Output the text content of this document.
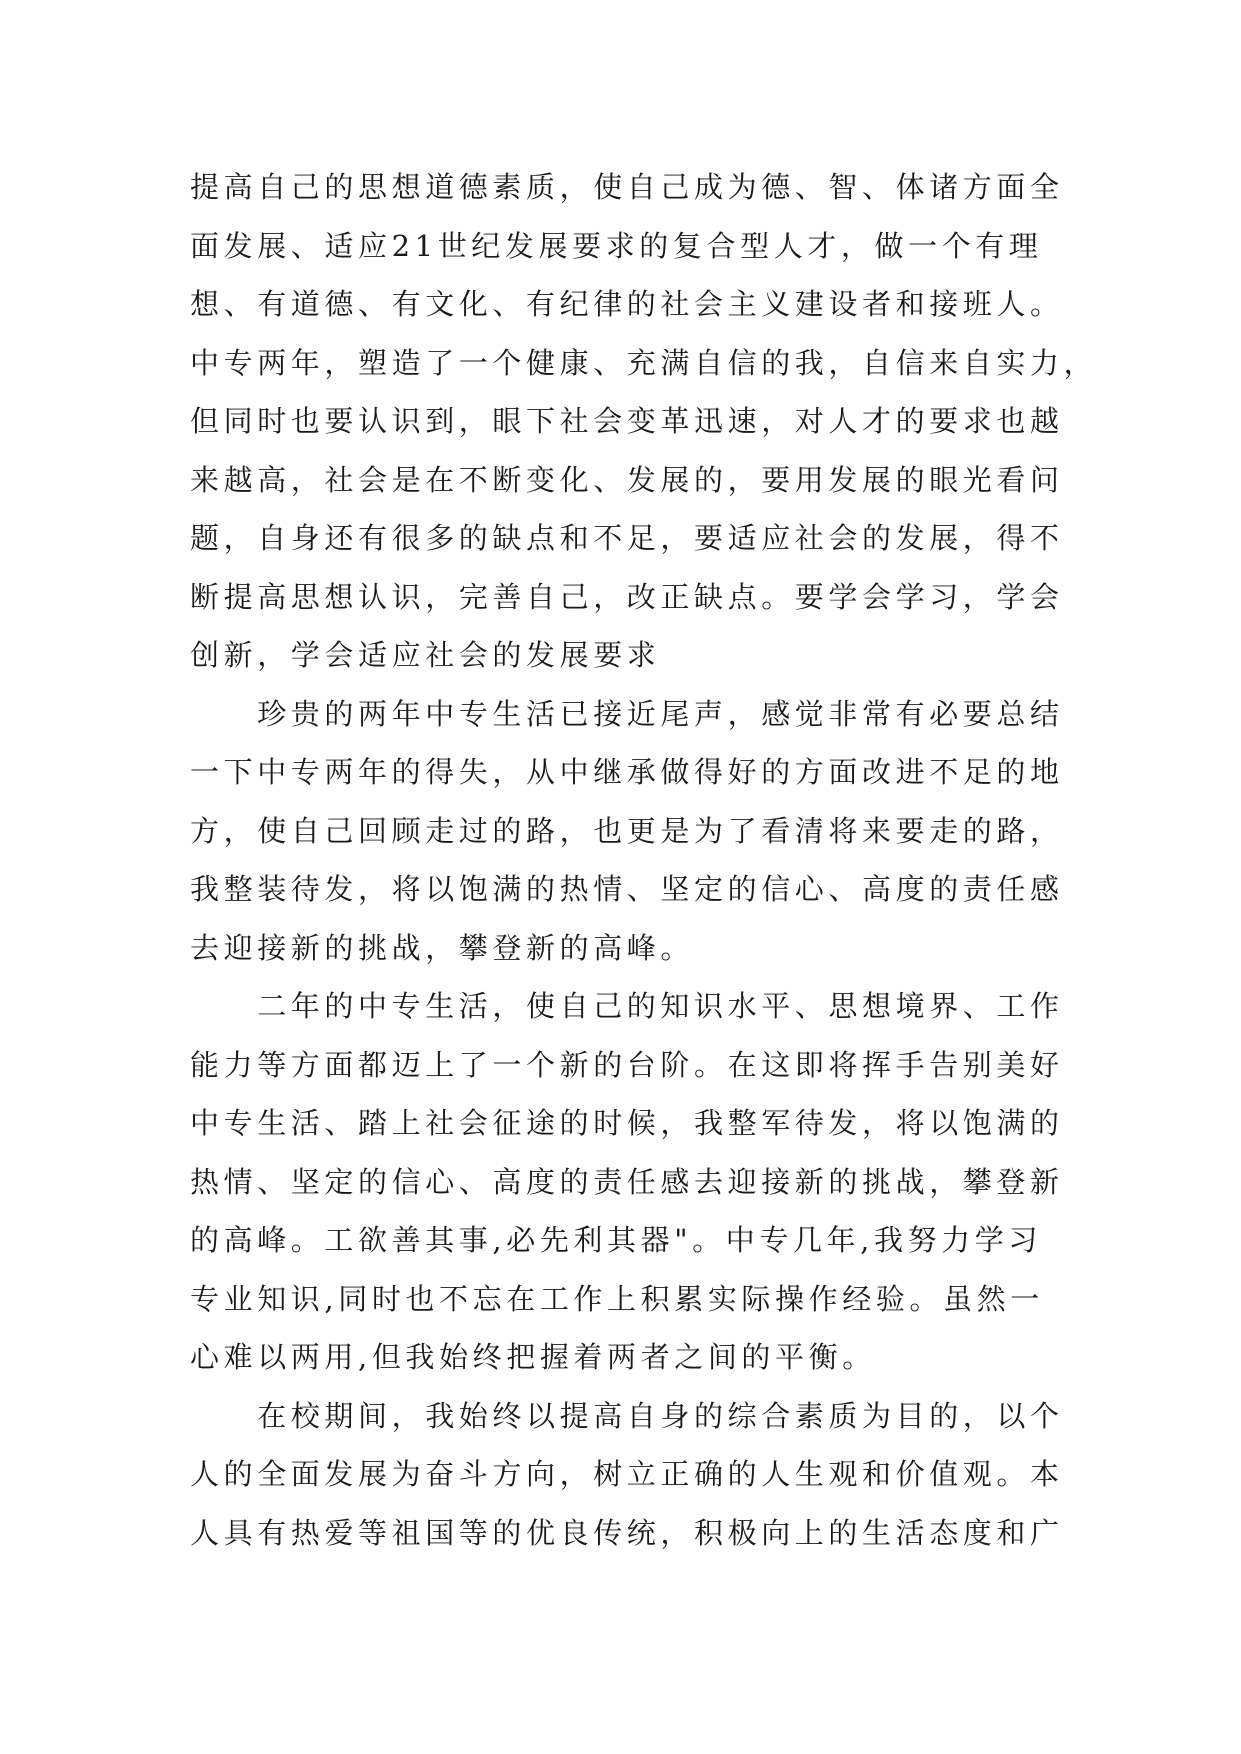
提高自己的思想道德素质，使自己成为德、智、体诸方面全
面发展、适应21世纪发展要求的复合型人才，做一个有理
想、有道德、有文化、有纪律的社会主义建设者和接班人。
中专两年，塑造了一个健康、充满自信的我，自信来自实力，
但同时也要认识到，眼下社会变革迅速，对人才的要求也越
来越高，社会是在不断变化、发展的，要用发展的眼光看问
题，自身还有很多的缺点和不足，要适应社会的发展，得不
断提高思想认识，完善自己，改正缺点。要学会学习，学会
创新，学会适应社会的发展要求
　　珍贵的两年中专生活已接近尾声，感觉非常有必要总结
一下中专两年的得失，从中继承做得好的方面改进不足的地
方，使自己回顾走过的路，也更是为了看清将来要走的路，
我整装待发，将以饱满的热情、坚定的信心、高度的责任感
去迎接新的挑战，攀登新的高峰。
　　二年的中专生活，使自己的知识水平、思想境界、工作
能力等方面都迈上了一个新的台阶。在这即将挥手告别美好
中专生活、踏上社会征途的时候，我整军待发，将以饱满的
热情、坚定的信心、高度的责任感去迎接新的挑战，攀登新
的高峰。工欲善其事,必先利其器"。中专几年,我努力学习
专业知识,同时也不忘在工作上积累实际操作经验。虽然一
心难以两用,但我始终把握着两者之间的平衡。
　　在校期间，我始终以提高自身的综合素质为目的，以个
人的全面发展为奋斗方向，树立正确的人生观和价值观。本
人具有热爱等祖国等的优良传统，积极向上的生活态度和广
